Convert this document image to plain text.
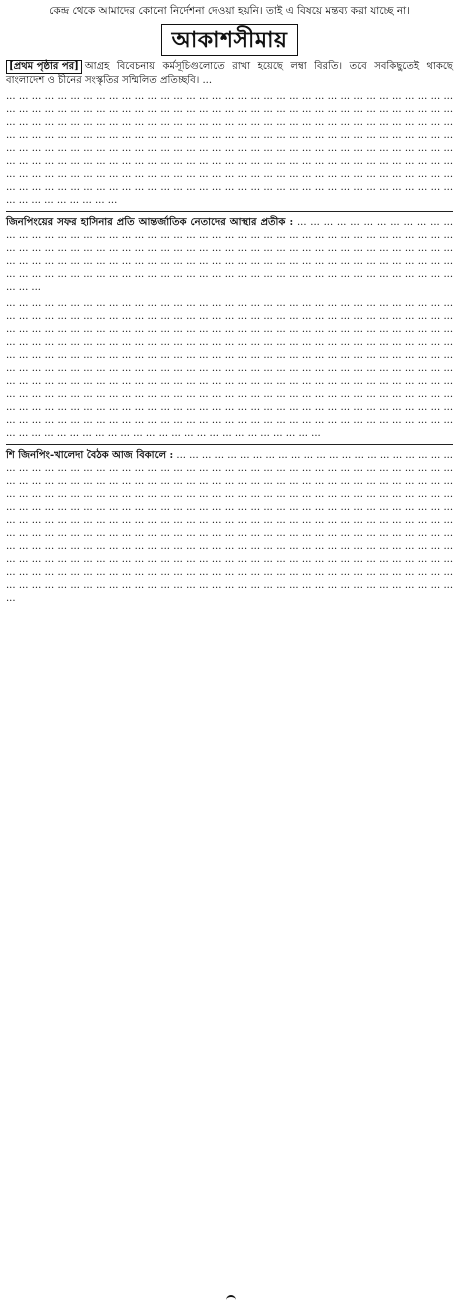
কেন্দ্র থেকে আমাদের কোনো নির্দেশনা দেওয়া হয়নি। তাই এ বিষয়ে মন্তব্য করা যাচ্ছে না।
আকাশসীমায়

[প্রথম পৃষ্ঠার পর] আগ্রহ বিবেচনায় কর্মসূচিগুলোতে রাখা হয়েছে লম্বা বিরতি। তবে সবকিছুতেই থাকছে বাংলাদেশ ও চীনের সংস্কৃতির সম্মিলিত প্রতিচ্ছবি। ...

... ... ... ... ... ... ... ... ... ... ... ... ... ... ... ... ... ... ... ... ... ... ... ... ... ... ... ... ... ... ... ... ... ... ... ... ... ... ... ... ... ... ... ... ... ... ... ... ... ... ... ... ... ... ... ... ... ... ... ... ... ... ... ... ... ... ... ... ... ... ... ... ... ... ... ... ... ... ... ... ... ... ... ... ... ... ... ... ... ... ... ... ... ... ... ... ... ... ... ... ... ... ... ... ... ... ... ... ... ... ... ... ... ... ... ... ... ... ... ... ... ... ... ... ... ... ... ... ... ... ... ... ... ... ... ... ... ... ... ... ... ... ... ... ... ... ... ... ... ... ... ... ... ... ... ... ... ... ... ... ... ... ... ... ... ... ... ... ... ... ... ... ... ... ... ... ... ... ... ... ... ... ... ... ... ... ... ... ... ... ... ... ... ... ... ... ... ... ... ... ... ... ... ... ... ... ... ... ... ... ... ... ... ... ... ... ... ... ... ... ... ... ... ... ... ... ... ... ... ... ... ... ... ... ... ... ... ... ... ... ... ... ... ... ... ... ... ... ... ... ... ... ... ... ... ... ... ... ... ... ... ... ... ... ... ... ... ... ... ... ... ... ... ... ... ... ... ... ... ... ... ... ... ... ... ... ... ... ...

জিনপিংয়ের সফর হাসিনার প্রতি আন্তর্জাতিক নেতাদের আস্থার প্রতীক : ... ... ... ... ... ... ... ... ... ... ... ... ... ... ... ... ... ... ... ... ... ... ... ... ... ... ... ... ... ... ... ... ... ... ... ... ... ... ... ... ... ... ... ... ... ... ... ... ... ... ... ... ... ... ... ... ... ... ... ... ... ... ... ... ... ... ... ... ... ... ... ... ... ... ... ... ... ... ... ... ... ... ... ... ... ... ... ... ... ... ... ... ... ... ... ... ... ... ... ... ... ... ... ... ... ... ... ... ... ... ... ... ... ... ... ... ... ... ... ... ... ... ... ... ... ... ... ... ... ... ... ... ... ... ... ... ... ... ... ... ... ... ... ... ... ... ... ... ... ... ... ... ... ... ...

... ... ... ... ... ... ... ... ... ... ... ... ... ... ... ... ... ... ... ... ... ... ... ... ... ... ... ... ... ... ... ... ... ... ... ... ... ... ... ... ... ... ... ... ... ... ... ... ... ... ... ... ... ... ... ... ... ... ... ... ... ... ... ... ... ... ... ... ... ... ... ... ... ... ... ... ... ... ... ... ... ... ... ... ... ... ... ... ... ... ... ... ... ... ... ... ... ... ... ... ... ... ... ... ... ... ... ... ... ... ... ... ... ... ... ... ... ... ... ... ... ... ... ... ... ... ... ... ... ... ... ... ... ... ... ... ... ... ... ... ... ... ... ... ... ... ... ... ... ... ... ... ... ... ... ... ... ... ... ... ... ... ... ... ... ... ... ... ... ... ... ... ... ... ... ... ... ... ... ... ... ... ... ... ... ... ... ... ... ... ... ... ... ... ... ... ... ... ... ... ... ... ... ... ... ... ... ... ... ... ... ... ... ... ... ... ... ... ... ... ... ... ... ... ... ... ... ... ... ... ... ... ... ... ... ... ... ... ... ... ... ... ... ... ... ... ... ... ... ... ... ... ... ... ... ... ... ... ... ... ... ... ... ... ... ... ... ... ... ... ... ... ... ... ... ... ... ... ... ... ... ... ... ... ... ... ... ... ... ... ... ... ... ... ... ... ... ... ... ... ... ... ... ... ... ... ... ... ... ... ... ... ... ... ... ... ... ... ... ... ... ... ... ... ... ... ... ... ... ... ... ... ... ... ... ... ... ... ... ... ... ... ... ... ... ... ... ... ... ... ... ... ... ... ... ... ... ... ... ... ... ... ... ... ... ... ... ... ... ... ... ... ... ... ...

শি জিনপিং-খালেদা বৈঠক আজ বিকালে : ... ... ... ... ... ... ... ... ... ... ... ... ... ... ... ... ... ... ... ... ... ... ... ... ... ... ... ... ... ... ... ... ... ... ... ... ... ... ... ... ... ... ... ... ... ... ... ... ... ... ... ... ... ... ... ... ... ... ... ... ... ... ... ... ... ... ... ... ... ... ... ... ... ... ... ... ... ... ... ... ... ... ... ... ... ... ... ... ... ... ... ... ... ... ... ... ... ... ... ... ... ... ... ... ... ... ... ... ... ... ... ... ... ... ... ... ... ... ... ... ... ... ... ... ... ... ... ... ... ... ... ... ... ... ... ... ... ... ... ... ... ... ... ... ... ... ... ... ... ... ... ... ... ... ... ... ... ... ... ... ... ... ... ... ... ... ... ... ... ... ... ... ... ... ... ... ... ... ... ... ... ... ... ... ... ... ... ... ... ... ... ... ... ... ... ... ... ... ... ... ... ... ... ... ... ... ... ... ... ... ... ... ... ... ... ... ... ... ... ... ... ... ... ... ... ... ... ... ... ... ... ... ... ... ... ... ... ... ... ... ... ... ... ... ... ... ... ... ... ... ... ... ... ... ... ... ... ... ... ... ... ... ... ... ... ... ... ... ... ... ... ... ... ... ... ... ... ... ... ... ... ... ... ... ... ... ... ... ... ... ... ... ... ... ... ... ... ... ... ... ... ... ... ... ... ... ... ... ... ... ... ... ... ... ... ... ... ... ... ... ... ... ... ... ... ... ... ... ... ... ... ... ... ... ... ... ... ... ... ... ... ... ... ... ... ... ... ... ... ... ... ... ... ... ... ... ... ... ... ... ... ... ... ... ... ... ... ... ... ... ... ... ...
